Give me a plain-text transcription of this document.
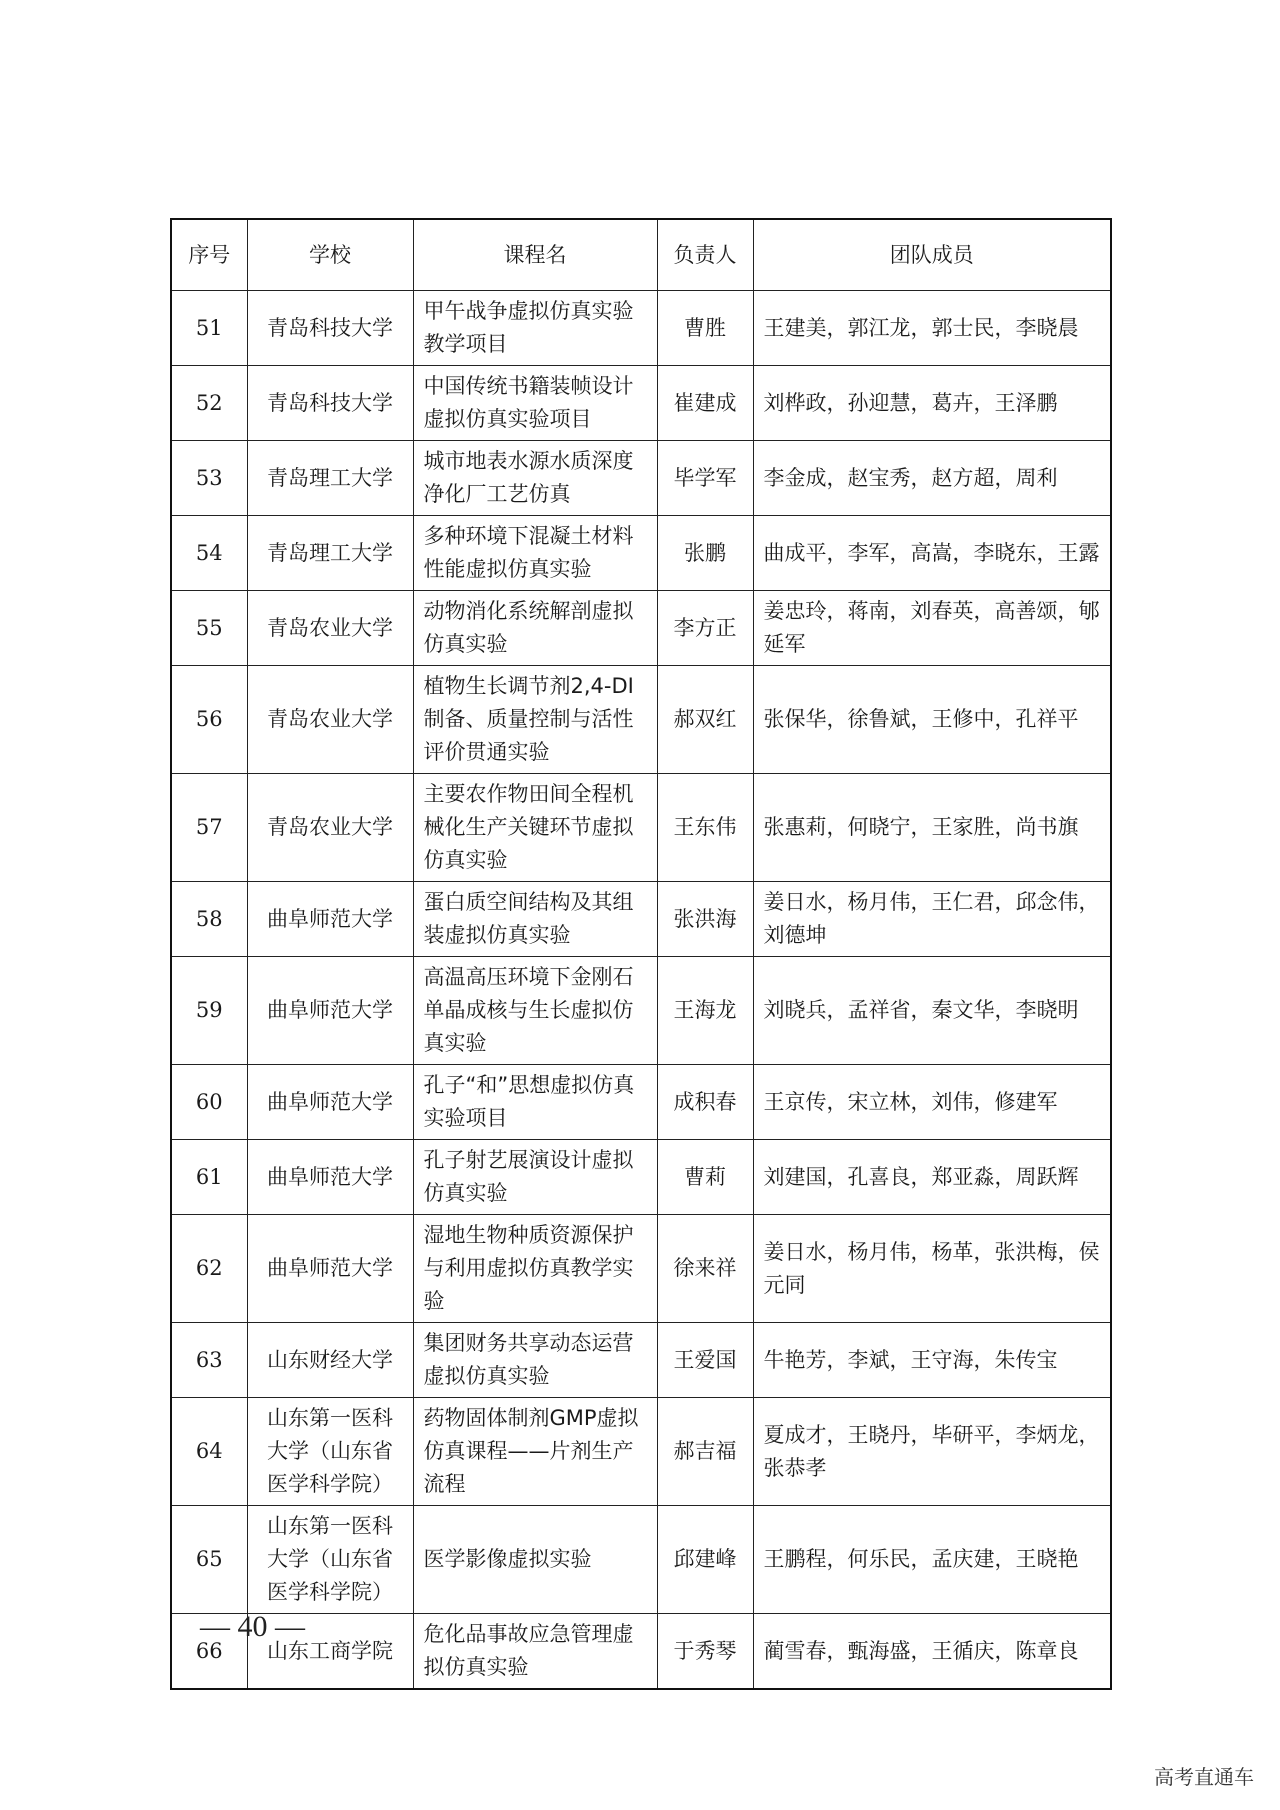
序号	学校	课程名	负责人	团队成员
51	青岛科技大学	甲午战争虚拟仿真实验教学项目	曹胜	王建美，郭江龙，郭士民，李晓晨
52	青岛科技大学	中国传统书籍装帧设计虚拟仿真实验项目	崔建成	刘桦政，孙迎慧，葛卉，王泽鹏
53	青岛理工大学	城市地表水源水质深度净化厂工艺仿真	毕学军	李金成，赵宝秀，赵方超，周利
54	青岛理工大学	多种环境下混凝土材料性能虚拟仿真实验	张鹏	曲成平，李军，高嵩，李晓东，王露
55	青岛农业大学	动物消化系统解剖虚拟仿真实验	李方正	姜忠玲，蒋南，刘春英，高善颂，郇延军
56	青岛农业大学	植物生长调节剂2,4-DI制备、质量控制与活性评价贯通实验	郝双红	张保华，徐鲁斌，王修中，孔祥平
57	青岛农业大学	主要农作物田间全程机械化生产关键环节虚拟仿真实验	王东伟	张惠莉，何晓宁，王家胜，尚书旗
58	曲阜师范大学	蛋白质空间结构及其组装虚拟仿真实验	张洪海	姜日水，杨月伟，王仁君，邱念伟，刘德坤
59	曲阜师范大学	高温高压环境下金刚石单晶成核与生长虚拟仿真实验	王海龙	刘晓兵，孟祥省，秦文华，李晓明
60	曲阜师范大学	孔子“和”思想虚拟仿真实验项目	成积春	王京传，宋立林，刘伟，修建军
61	曲阜师范大学	孔子射艺展演设计虚拟仿真实验	曹莉	刘建国，孔喜良，郑亚淼，周跃辉
62	曲阜师范大学	湿地生物种质资源保护与利用虚拟仿真教学实验	徐来祥	姜日水，杨月伟，杨革，张洪梅，侯元同
63	山东财经大学	集团财务共享动态运营虚拟仿真实验	王爱国	牛艳芳，李斌，王守海，朱传宝
64	山东第一医科大学（山东省医学科学院）	药物固体制剂GMP虚拟仿真课程——片剂生产流程	郝吉福	夏成才，王晓丹，毕研平，李炳龙，张恭孝
65	山东第一医科大学（山东省医学科学院）	医学影像虚拟实验	邱建峰	王鹏程，何乐民，孟庆建，王晓艳
66	山东工商学院	危化品事故应急管理虚拟仿真实验	于秀琴	蔺雪春，甄海盛，王循庆，陈章良
— 40 —
高考直通车
